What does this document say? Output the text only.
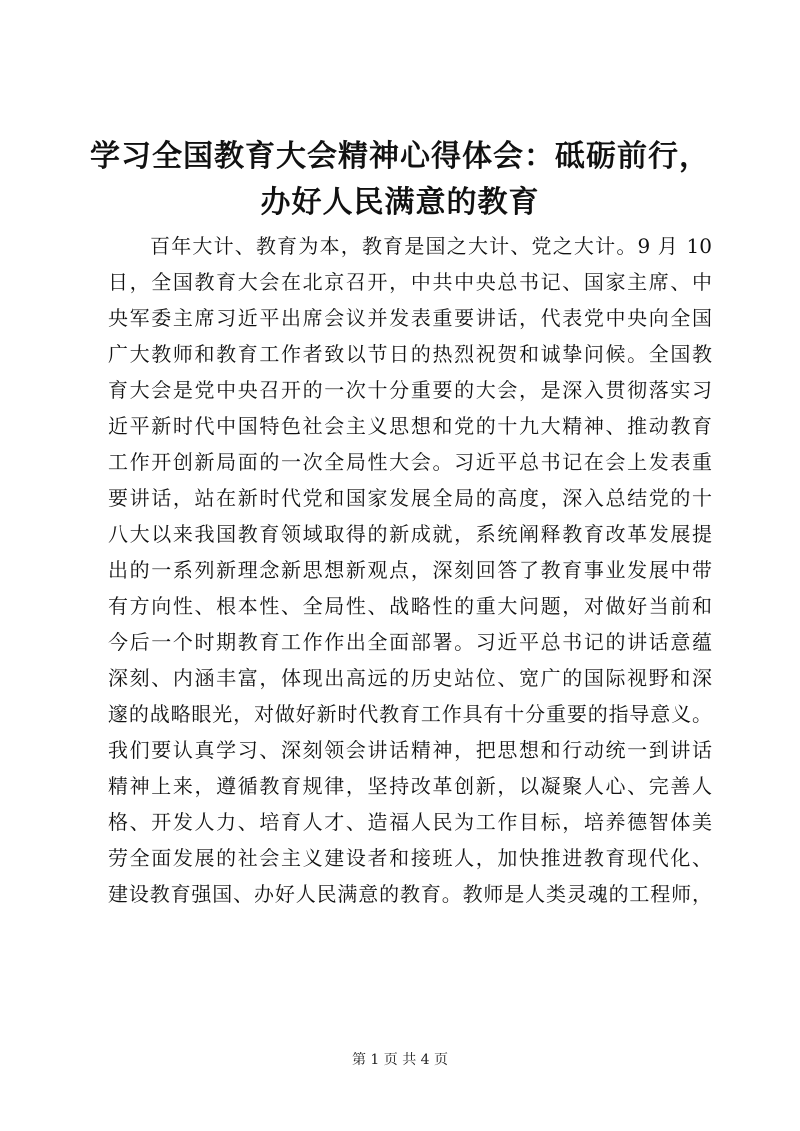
学习全国教育大会精神心得体会：砥砺前行，
办好人民满意的教育
百年大计、教育为本，教育是国之大计、党之大计。9 月 10
日，全国教育大会在北京召开，中共中央总书记、国家主席、中
央军委主席习近平出席会议并发表重要讲话，代表党中央向全国
广大教师和教育工作者致以节日的热烈祝贺和诚挚问候。全国教
育大会是党中央召开的一次十分重要的大会，是深入贯彻落实习
近平新时代中国特色社会主义思想和党的十九大精神、推动教育
工作开创新局面的一次全局性大会。习近平总书记在会上发表重
要讲话，站在新时代党和国家发展全局的高度，深入总结党的十
八大以来我国教育领域取得的新成就，系统阐释教育改革发展提
出的一系列新理念新思想新观点，深刻回答了教育事业发展中带
有方向性、根本性、全局性、战略性的重大问题，对做好当前和
今后一个时期教育工作作出全面部署。习近平总书记的讲话意蕴
深刻、内涵丰富，体现出高远的历史站位、宽广的国际视野和深
邃的战略眼光，对做好新时代教育工作具有十分重要的指导意义。
我们要认真学习、深刻领会讲话精神，把思想和行动统一到讲话
精神上来，遵循教育规律，坚持改革创新，以凝聚人心、完善人
格、开发人力、培育人才、造福人民为工作目标，培养德智体美
劳全面发展的社会主义建设者和接班人，加快推进教育现代化、
建设教育强国、办好人民满意的教育。教师是人类灵魂的工程师，
第 1 页 共 4 页
